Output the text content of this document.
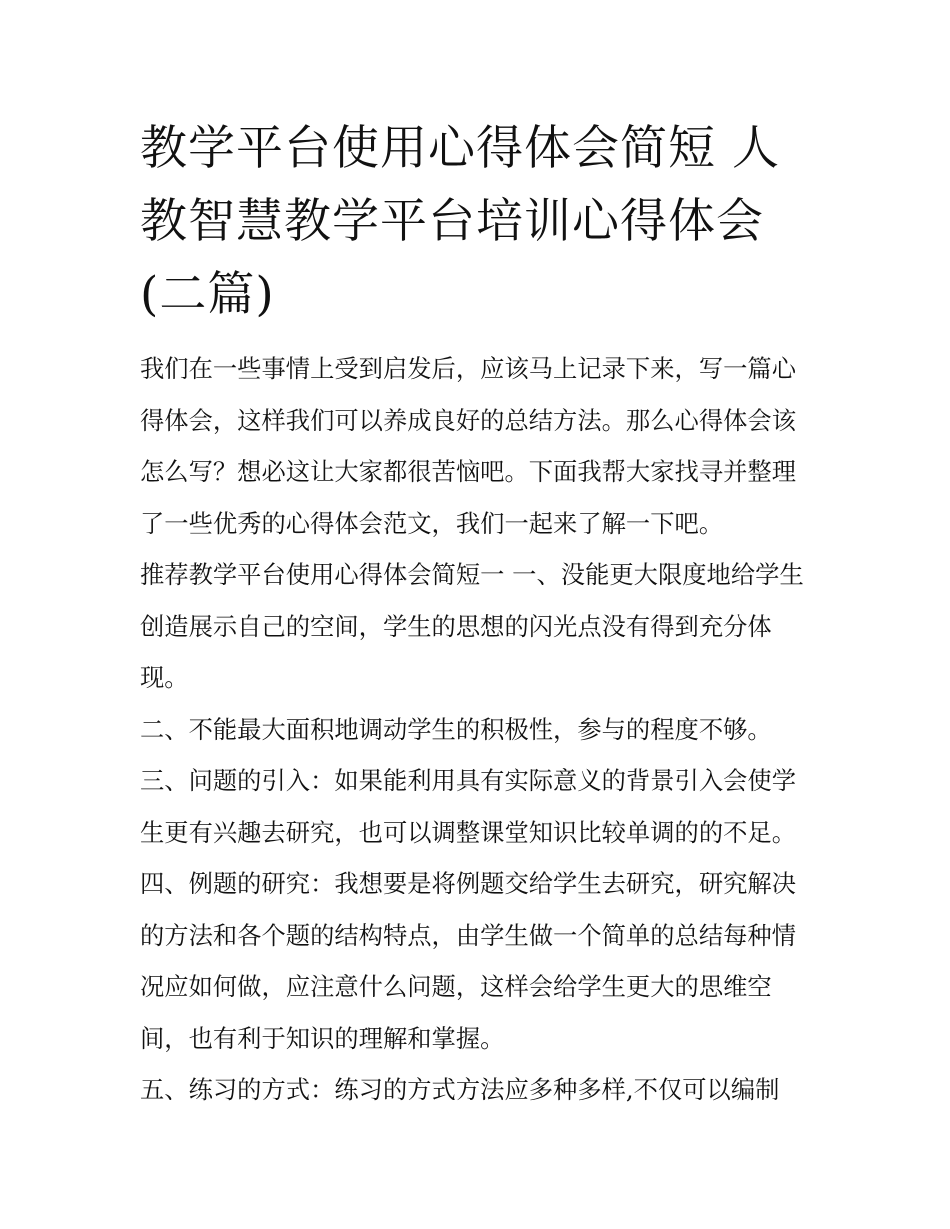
教学平台使用心得体会简短 人
教智慧教学平台培训心得体会
(二篇)

我们在一些事情上受到启发后，应该马上记录下来，写一篇心得体会，这样我们可以养成良好的总结方法。那么心得体会该怎么写？想必这让大家都很苦恼吧。下面我帮大家找寻并整理了一些优秀的心得体会范文，我们一起来了解一下吧。

推荐教学平台使用心得体会简短一 一、没能更大限度地给学生创造展示自己的空间，学生的思想的闪光点没有得到充分体现。

二、不能最大面积地调动学生的积极性，参与的程度不够。

三、问题的引入：如果能利用具有实际意义的背景引入会使学生更有兴趣去研究，也可以调整课堂知识比较单调的的不足。

四、例题的研究：我想要是将例题交给学生去研究，研究解决的方法和各个题的结构特点，由学生做一个简单的总结每种情况应如何做，应注意什么问题，这样会给学生更大的思维空间，也有利于知识的理解和掌握。

五、练习的方式：练习的方式方法应多种多样,不仅可以编制
